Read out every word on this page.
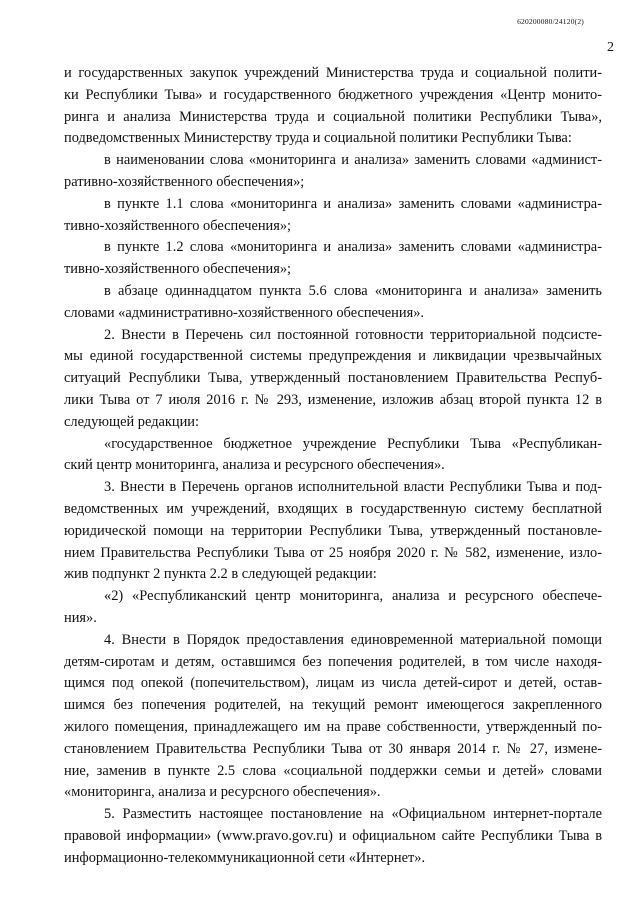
620200080/24120(2)
2
и государственных закупок учреждений Министерства труда и социальной полити-
ки Республики Тыва» и государственного бюджетного учреждения «Центр монито-
ринга и анализа Министерства труда и социальной политики Республики Тыва»,
подведомственных Министерству труда и социальной политики Республики Тыва:
в наименовании слова «мониторинга и анализа» заменить словами «админист-
ративно-хозяйственного обеспечения»;
в пункте 1.1 слова «мониторинга и анализа» заменить словами «администра-
тивно-хозяйственного обеспечения»;
в пункте 1.2 слова «мониторинга и анализа» заменить словами «администра-
тивно-хозяйственного обеспечения»;
в абзаце одиннадцатом пункта 5.6 слова «мониторинга и анализа» заменить
словами «административно-хозяйственного обеспечения».
2. Внести в Перечень сил постоянной готовности территориальной подсисте-
мы единой государственной системы предупреждения и ликвидации чрезвычайных
ситуаций Республики Тыва, утвержденный постановлением Правительства Респуб-
лики Тыва от 7 июля 2016 г. № 293, изменение, изложив абзац второй пункта 12 в
следующей редакции:
«государственное бюджетное учреждение Республики Тыва «Республикан-
ский центр мониторинга, анализа и ресурсного обеспечения».
3. Внести в Перечень органов исполнительной власти Республики Тыва и под-
ведомственных им учреждений, входящих в государственную систему бесплатной
юридической помощи на территории Республики Тыва, утвержденный постановле-
нием Правительства Республики Тыва от 25 ноября 2020 г. № 582, изменение, изло-
жив подпункт 2 пункта 2.2 в следующей редакции:
«2) «Республиканский центр мониторинга, анализа и ресурсного обеспече-
ния».
4. Внести в Порядок предоставления единовременной материальной помощи
детям-сиротам и детям, оставшимся без попечения родителей, в том числе находя-
щимся под опекой (попечительством), лицам из числа детей-сирот и детей, остав-
шимся без попечения родителей, на текущий ремонт имеющегося закрепленного
жилого помещения, принадлежащего им на праве собственности, утвержденный по-
становлением Правительства Республики Тыва от 30 января 2014 г. № 27, измене-
ние, заменив в пункте 2.5 слова «социальной поддержки семьи и детей» словами
«мониторинга, анализа и ресурсного обеспечения».
5. Разместить настоящее постановление на «Официальном интернет-портале
правовой информации» (www.pravo.gov.ru) и официальном сайте Республики Тыва в
информационно-телекоммуникационной сети «Интернет».
